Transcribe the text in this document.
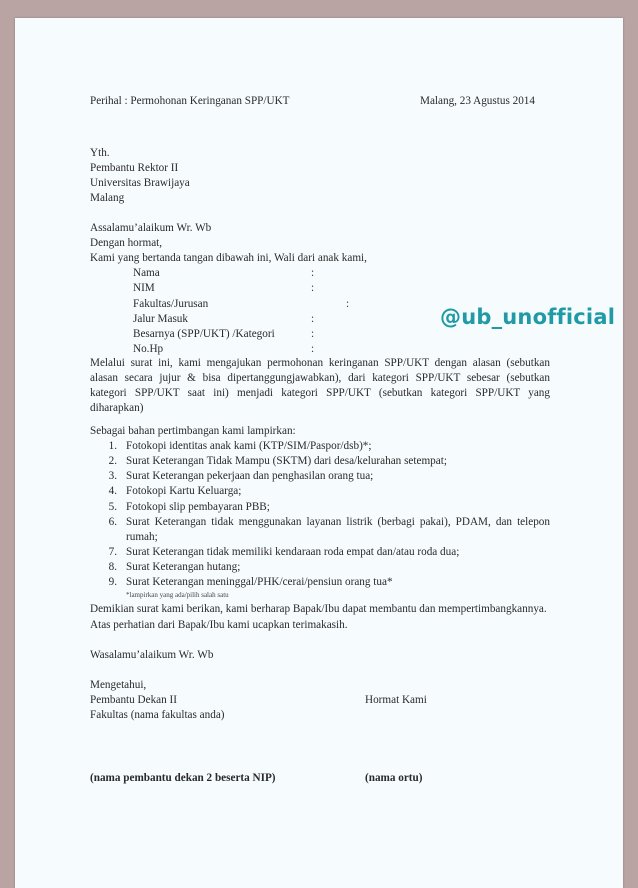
Perihal : Permohonan Keringanan SPP/UKT	Malang, 23 Agustus 2014
Yth.
Pembantu Rektor II
Universitas Brawijaya
Malang
Assalamu’alaikum Wr. Wb
Dengan hormat,
Kami yang bertanda tangan dibawah ini, Wali dari anak kami,
Nama	:
NIM	:
Fakultas/Jurusan	:
Jalur Masuk	:
Besarnya (SPP/UKT) /Kategori	:
No.Hp	:
@ub_unofficial
Melalui surat ini, kami mengajukan permohonan keringanan SPP/UKT dengan alasan (sebutkan alasan secara jujur & bisa dipertanggungjawabkan), dari kategori SPP/UKT sebesar (sebutkan kategori SPP/UKT saat ini) menjadi kategori SPP/UKT (sebutkan kategori SPP/UKT yang diharapkan)
Sebagai bahan pertimbangan kami lampirkan:
1. Fotokopi identitas anak kami (KTP/SIM/Paspor/dsb)*;
2. Surat Keterangan Tidak Mampu (SKTM) dari desa/kelurahan setempat;
3. Surat Keterangan pekerjaan dan penghasilan orang tua;
4. Fotokopi Kartu Keluarga;
5. Fotokopi slip pembayaran PBB;
6. Surat Keterangan tidak menggunakan layanan listrik (berbagi pakai), PDAM, dan telepon rumah;
7. Surat Keterangan tidak memiliki kendaraan roda empat dan/atau roda dua;
8. Surat Keterangan hutang;
9. Surat Keterangan meninggal/PHK/cerai/pensiun orang tua*
*lampirkan yang ada/pilih salah satu
Demikian surat kami berikan, kami berharap Bapak/Ibu dapat membantu dan mempertimbangkannya.
Atas perhatian dari Bapak/Ibu kami ucapkan terimakasih.
Wasalamu’alaikum Wr. Wb
Mengetahui,
Pembantu Dekan II	Hormat Kami
Fakultas (nama fakultas anda)
(nama pembantu dekan 2 beserta NIP)	(nama ortu)
